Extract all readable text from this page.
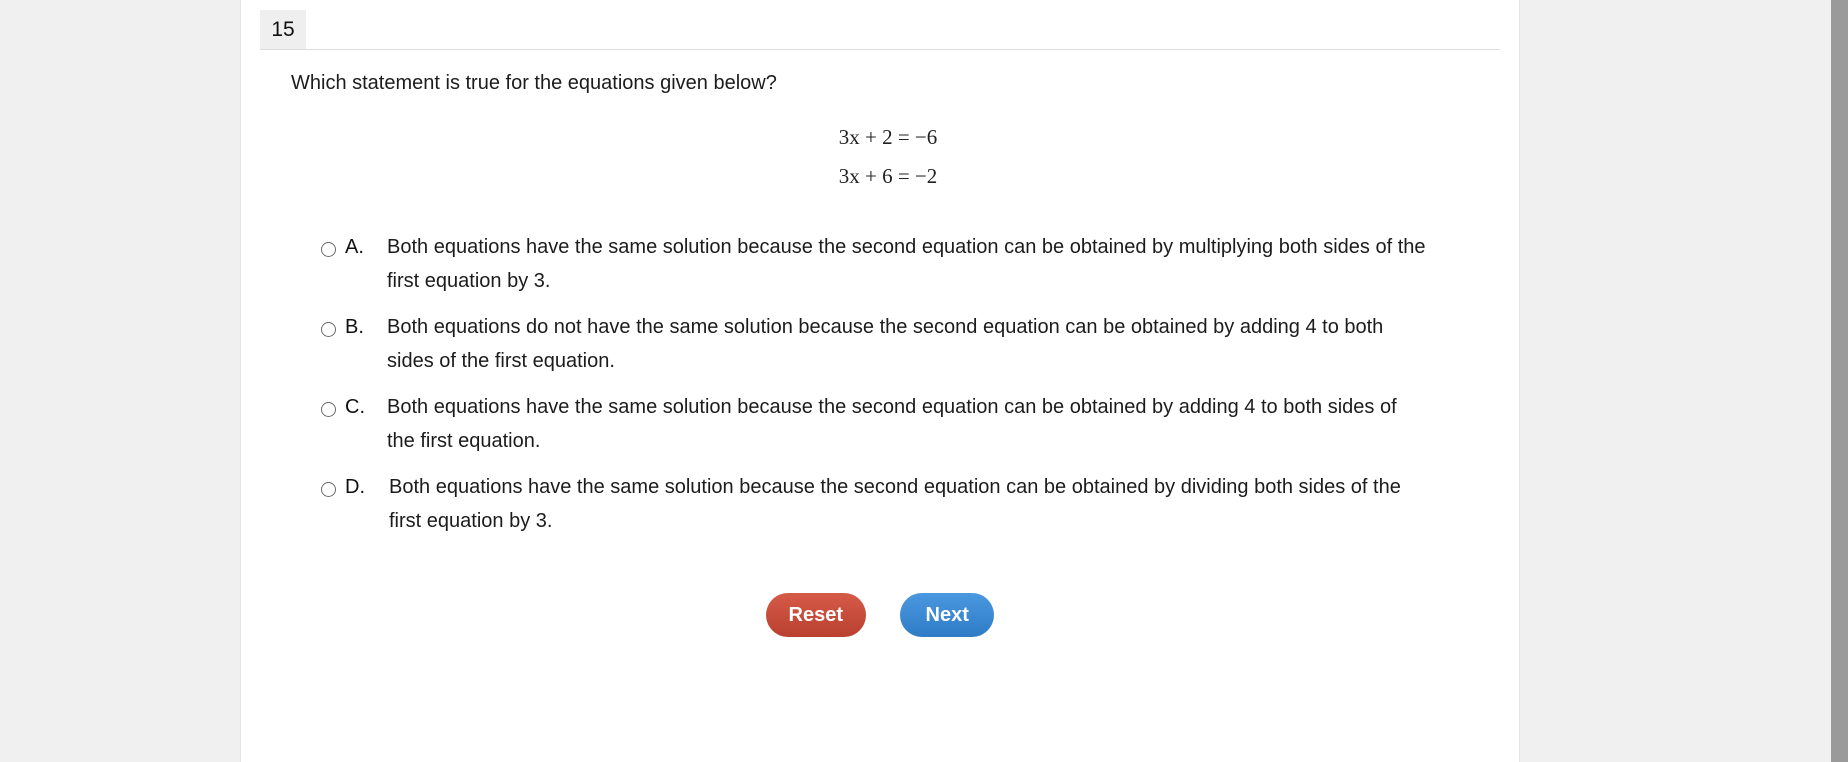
15
Which statement is true for the equations given below?
3x + 2 = −6
3x + 6 = −2
A. Both equations have the same solution because the second equation can be obtained by multiplying both sides of the first equation by 3.
B. Both equations do not have the same solution because the second equation can be obtained by adding 4 to both sides of the first equation.
C. Both equations have the same solution because the second equation can be obtained by adding 4 to both sides of the first equation.
D. Both equations have the same solution because the second equation can be obtained by dividing both sides of the first equation by 3.
Reset	Next
